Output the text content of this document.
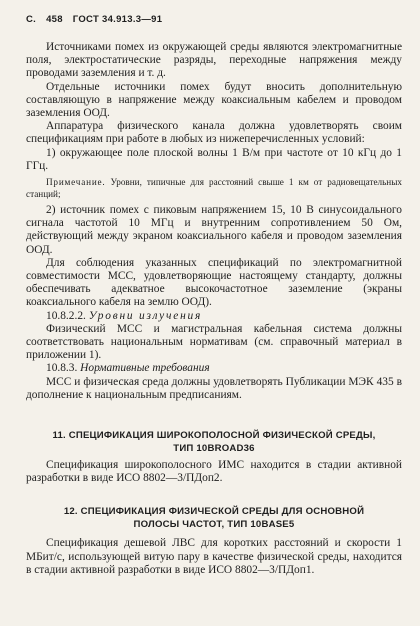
С. 458 ГОСТ 34.913.3—91

Источниками помех из окружающей среды являются электромагнитные поля, электростатические разряды, переходные напряжения между проводами заземления и т. д.

Отдельные источники помех будут вносить дополнительную составляющую в напряжение между коаксиальным кабелем и проводом заземления ООД.

Аппаратура физического канала должна удовлетворять своим спецификациям при работе в любых из нижеперечисленных условий:

1) окружающее поле плоской волны 1 В/м при частоте от 10 кГц до 1 ГГц.

Примечание. Уровни, типичные для расстояний свыше 1 км от радиовещательных станций;

2) источник помех с пиковым напряжением 15, 10 В синусоидального сигнала частотой 10 МГц и внутренним сопротивлением 50 Ом, действующий между экраном коаксиального кабеля и проводом заземления ООД.

Для соблюдения указанных спецификаций по электромагнитной совместимости МСС, удовлетворяющие настоящему стандарту, должны обеспечивать адекватное высокочастотное заземление (экраны коаксиального кабеля на землю ООД).

10.8.2.2. Уровни излучения

Физический МСС и магистральная кабельная система должны соответствовать национальным нормативам (см. справочный материал в приложении 1).

10.8.3. Нормативные требования

МСС и физическая среда должны удовлетворять Публикации МЭК 435 в дополнение к национальным предписаниям.

11. СПЕЦИФИКАЦИЯ ШИРОКОПОЛОСНОЙ ФИЗИЧЕСКОЙ СРЕДЫ,
ТИП 10BROAD36

Спецификация широкополосного ИМС находится в стадии активной разработки в виде ИСО 8802—3/ПДоп2.

12. СПЕЦИФИКАЦИЯ ФИЗИЧЕСКОЙ СРЕДЫ ДЛЯ ОСНОВНОЙ
ПОЛОСЫ ЧАСТОТ, ТИП 10BASE5

Спецификация дешевой ЛВС для коротких расстояний и скорости 1 МБит/с, использующей витую пару в качестве физической среды, находится в стадии активной разработки в виде ИСО 8802—3/ПДоп1.
